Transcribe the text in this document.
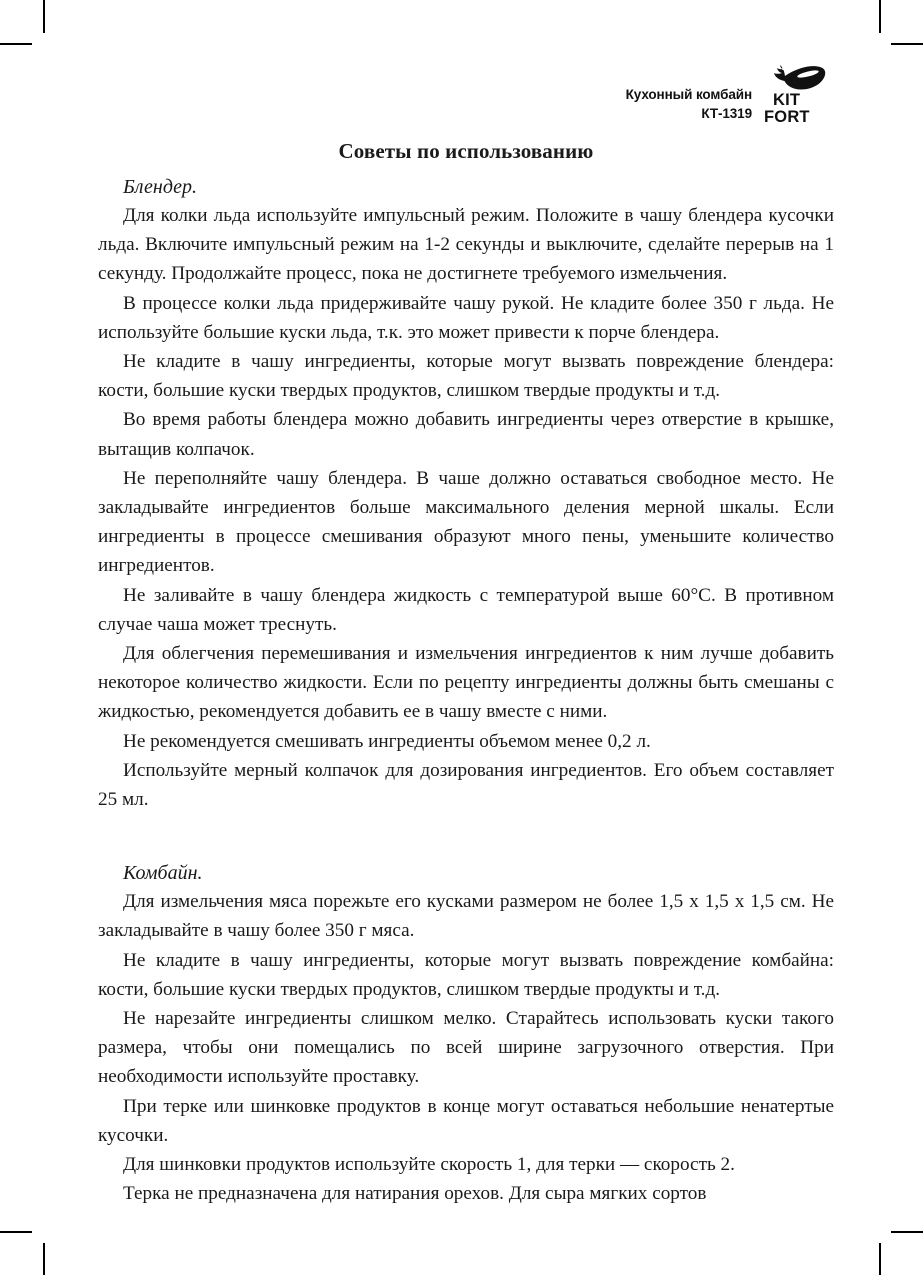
Кухонный комбайн
КТ-1319
KIT
FORT
Советы по использованию
Блендер.

Для колки льда используйте импульсный режим. Положите в чашу блендера кусочки льда. Включите импульсный режим на 1-2 секунды и выключите, сделайте перерыв на 1 секунду. Продолжайте процесс, пока не достигнете требуемого измельчения.

В процессе колки льда придерживайте чашу рукой. Не кладите более 350 г льда. Не используйте большие куски льда, т.к. это может привести к порче блендера.

Не кладите в чашу ингредиенты, которые могут вызвать повреждение блендера: кости, большие куски твердых продуктов, слишком твердые продукты и т.д.

Во время работы блендера можно добавить ингредиенты через отверстие в крышке, вытащив колпачок.

Не переполняйте чашу блендера. В чаше должно оставаться свободное место. Не закладывайте ингредиентов больше максимального деления мерной шкалы. Если ингредиенты в процессе смешивания образуют много пены, уменьшите количество ингредиентов.

Не заливайте в чашу блендера жидкость с температурой выше 60°C. В противном случае чаша может треснуть.

Для облегчения перемешивания и измельчения ингредиентов к ним лучше добавить некоторое количество жидкости. Если по рецепту ингредиенты должны быть смешаны с жидкостью, рекомендуется добавить ее в чашу вместе с ними.

Не рекомендуется смешивать ингредиенты объемом менее 0,2 л.

Используйте мерный колпачок для дозирования ингредиентов. Его объем составляет 25 мл.

Комбайн.

Для измельчения мяса порежьте его кусками размером не более 1,5 х 1,5 х 1,5 см. Не закладывайте в чашу более 350 г мяса.

Не кладите в чашу ингредиенты, которые могут вызвать повреждение комбайна: кости, большие куски твердых продуктов, слишком твердые продукты и т.д.

Не нарезайте ингредиенты слишком мелко. Старайтесь использовать куски такого размера, чтобы они помещались по всей ширине загрузочного отверстия. При необходимости используйте проставку.

При терке или шинковке продуктов в конце могут оставаться небольшие ненатертые кусочки.

Для шинковки продуктов используйте скорость 1, для терки — скорость 2.

Терка не предназначена для натирания орехов. Для сыра мягких сортов
